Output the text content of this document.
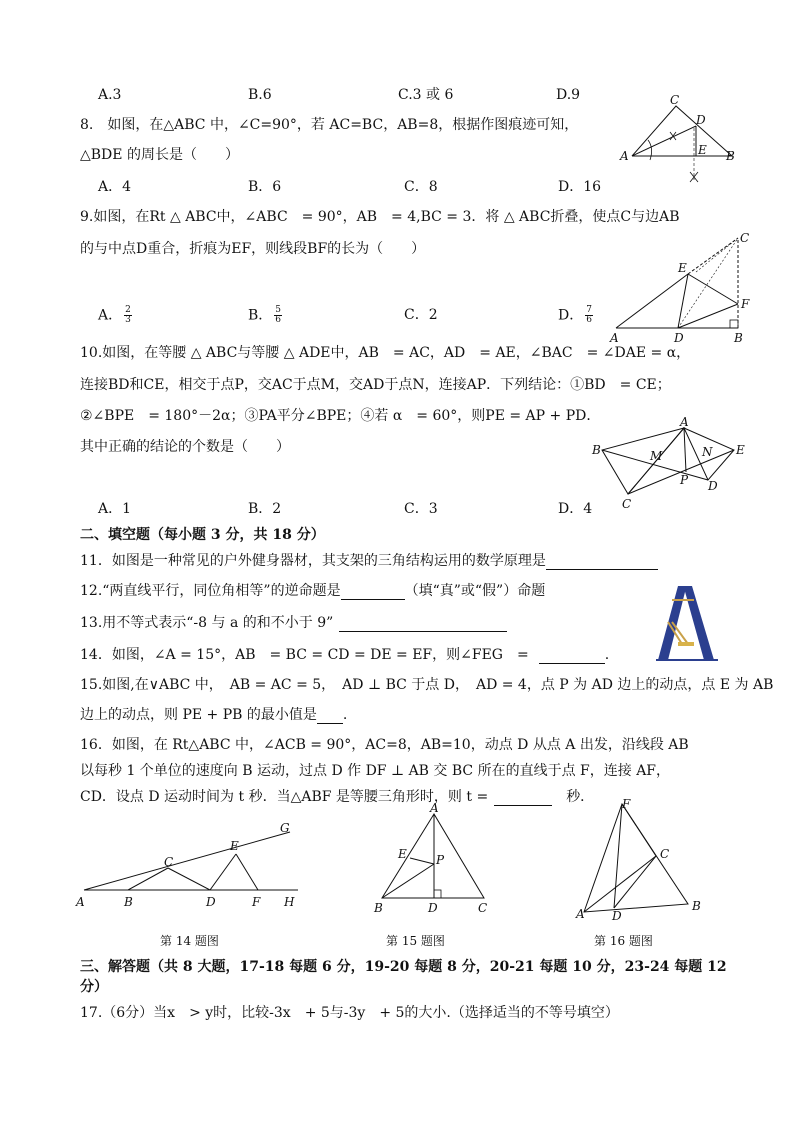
A.3	B.6	C.3 或 6	D.9
8.　如图，在△ABC 中，∠C=90°，若 AC=BC，AB=8，根据作图痕迹可知，
△BDE 的周长是（　　）
A．4	B．6	C．8	D．16
C
D
A	B
E
9.如图，在Rt △ ABC中，∠ABC　= 90°，AB　= 4,BC = 3．将 △ ABC折叠，使点C与边AB
的与中点D重合，折痕为EF，则线段BF的长为（　　）
A． $\frac{2}{3}$	B． $\frac{5}{6}$	C．2	D． $\frac{7}{6}$
C
E
F
A	D	B
10.如图，在等腰 △ ABC与等腰 △ ADE中，AB　= AC，AD　= AE，∠BAC　= ∠DAE = α，
连接BD和CE，相交于点P，交AC于点M，交AD于点N，连接AP．下列结论：①BD　= CE；
②∠BPE　= 180°－2α；③PA平分∠BPE；④若 α　= 60°，则PE = AP + PD．
其中正确的结论的个数是（　　）
A．1	B．2	C．3	D．4
A
B	E
M	N
P D
C
二、填空题（每小题 3 分，共 18 分）
11．如图是一种常见的户外健身器材，其支架的三角结构运用的数学原理是
12.“两直线平行，同位角相等”的逆命题是	（填“真”或“假”）命题
13.用不等式表示“-8 与 a 的和不小于 9”
14．如图，∠A = 15°，AB　= BC = CD = DE = EF，则∠FEG　=	.
15.如图,在∨ABC 中，　AB = AC = 5，　AD ⊥ BC 于点 D，　AD = 4，点 P 为 AD 边上的动点，点 E 为 AB
边上的动点，则 PE + PB 的最小值是 .
16．如图，在 Rt△ABC 中，∠ACB = 90°，AC=8，AB=10，动点 D 从点 A 出发，沿线段 AB
以每秒 1 个单位的速度向 B 运动，过点 D 作 DF ⊥ AB 交 BC 所在的直线于点 F，连接 AF，
CD．设点 D 运动时间为 t 秒．当△ABF 是等腰三角形时，则 t =	秒．
A	B
C
D
E
F
G
H
第 14 题图
A
E P
B	D	C
第 15 题图
F
C
A D
B
第 16 题图
三、解答题（共 8 大题，17-18 每题 6 分，19-20 每题 8 分，20-21 每题 10 分，23-24 每题 12
分）
17.（6分）当x　> y时，比较-3x　+ 5与-3y　+ 5的大小.（选择适当的不等号填空）
